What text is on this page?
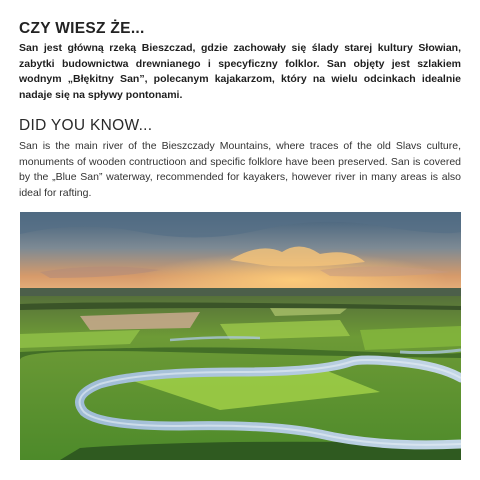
CZY WIESZ ŻE...

San jest główną rzeką Bieszczad, gdzie zachowały się ślady starej kultury Słowian, zabytki budownictwa drewnianego i specyficzny folklor. San objęty jest szlakiem wodnym „Błękitny San”, polecanym kajakarzom, który na wielu odcinkach idealnie nadaje się na spływy pontonami.

DID YOU KNOW...

San is the main river of the Bieszczady Mountains, where traces of the old Slavs culture, monuments of wooden contructioon and specific folklore have been preserved. San is covered by the „Blue San” waterway, recommended for kayakers, however river in many areas is also ideal for rafting.
